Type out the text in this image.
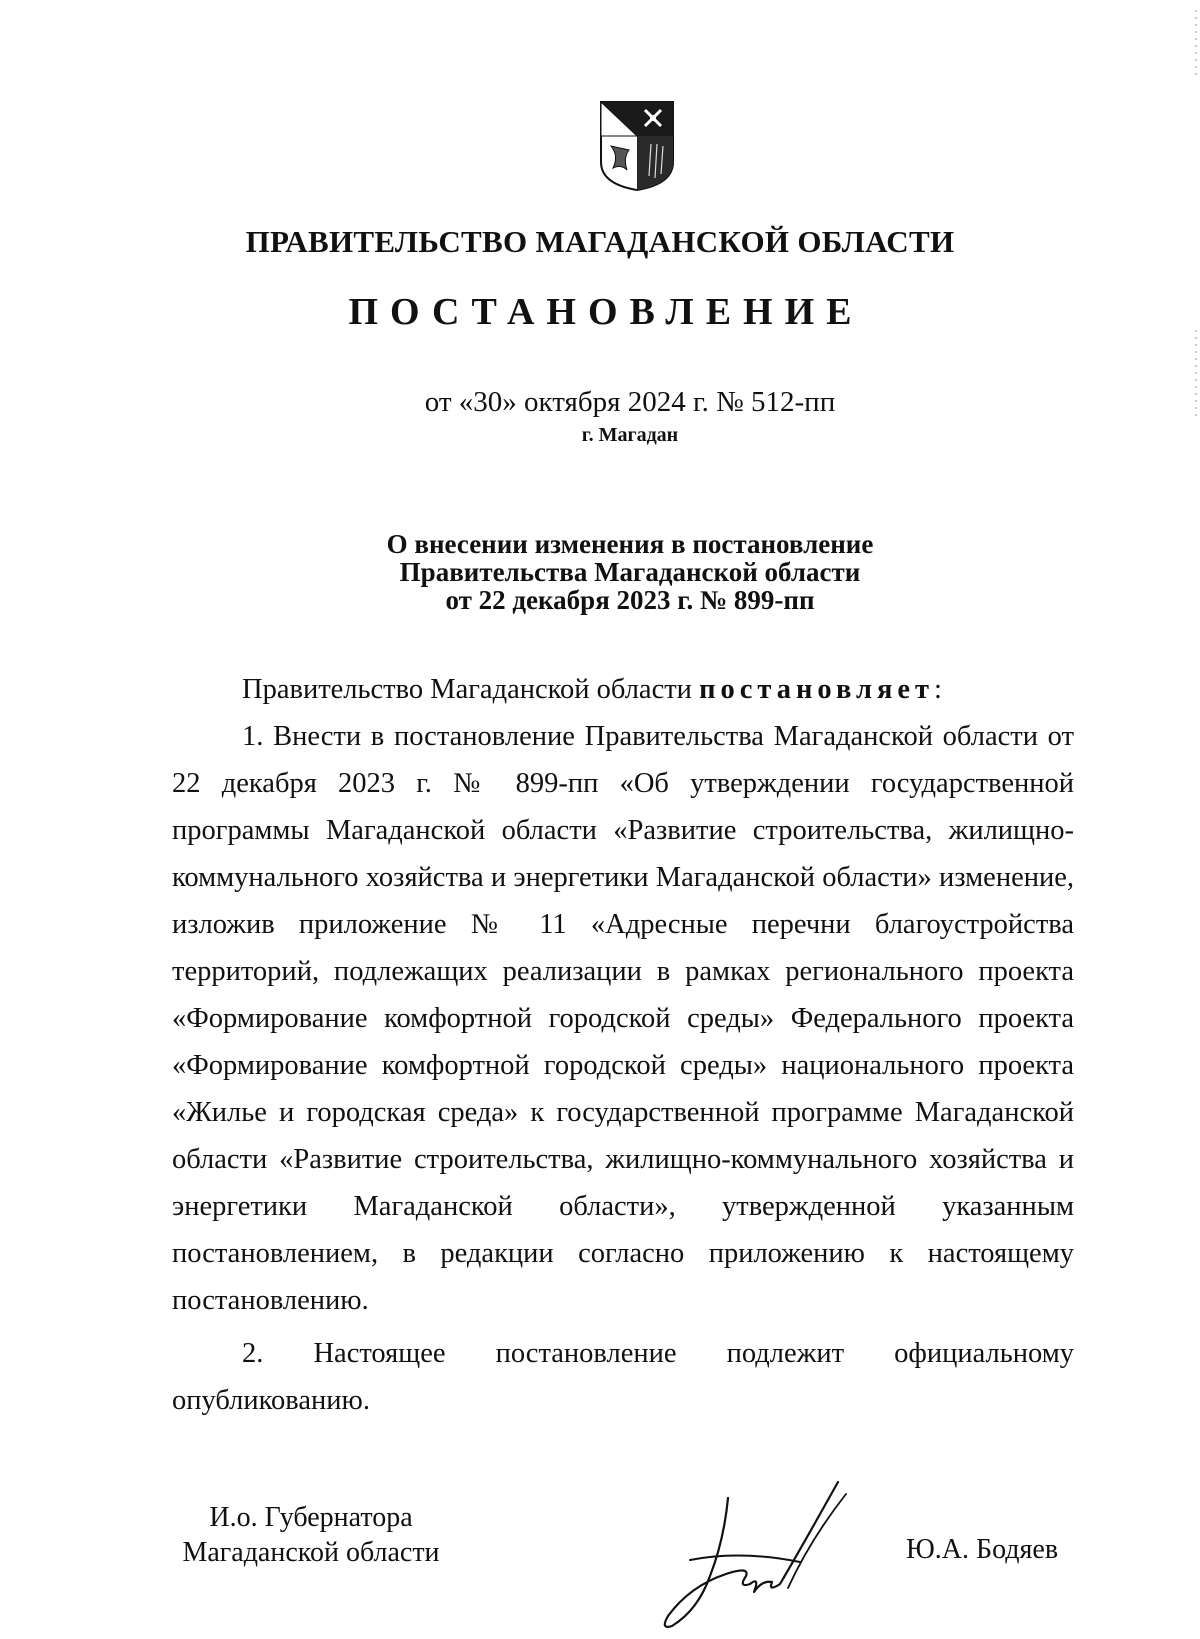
ПРАВИТЕЛЬСТВО МАГАДАНСКОЙ ОБЛАСТИ
ПОСТАНОВЛЕНИЕ
от «30» октября 2024 г. № 512-пп
г. Магадан
О внесении изменения в постановление
Правительства Магаданской области
от 22 декабря 2023 г. № 899-пп

Правительство Магаданской области постановляет:

1. Внести в постановление Правительства Магаданской области от 22 декабря 2023 г. № 899-пп «Об утверждении государственной программы Магаданской области «Развитие строительства, жилищно-коммунального хозяйства и энергетики Магаданской области» изменение, изложив приложение № 11 «Адресные перечни благоустройства территорий, подлежащих реализации в рамках регионального проекта «Формирование комфортной городской среды» Федерального проекта «Формирование комфортной городской среды» национального проекта «Жилье и городская среда» к государственной программе Магаданской области «Развитие строительства, жилищно-коммунального хозяйства и энергетики Магаданской области», утвержденной указанным постановлением, в редакции согласно приложению к настоящему постановлению.

2. Настоящее постановление подлежит официальному опубликованию.

И.о. Губернатора
Магаданской области	Ю.А. Бодяев
